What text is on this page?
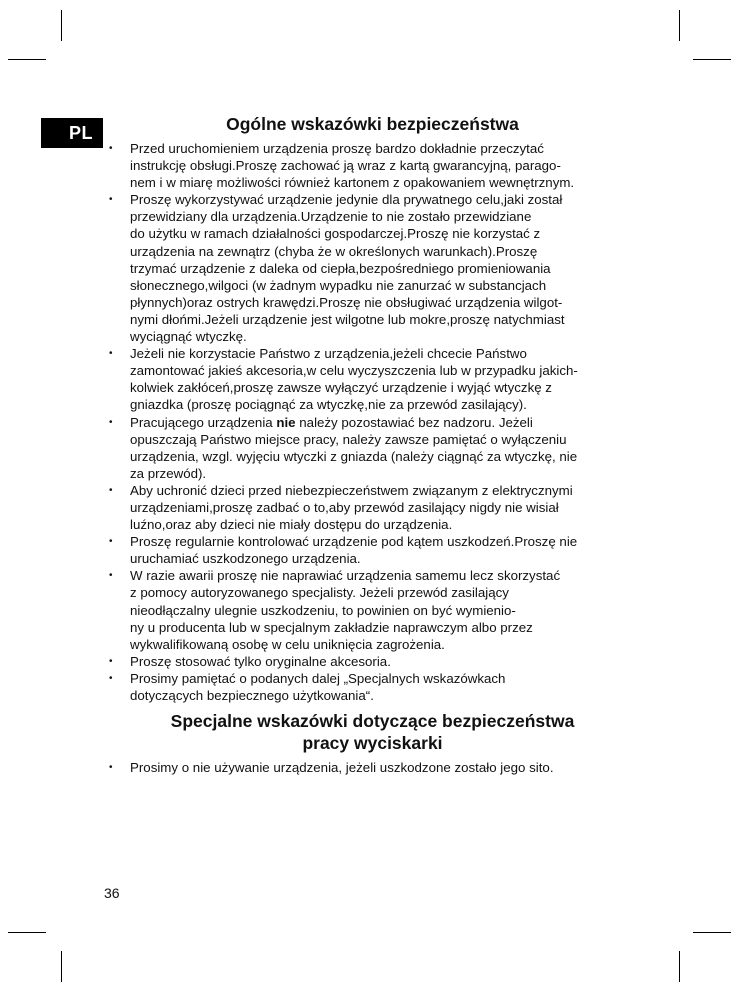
PL	Ogólne wskazówki bezpieczeństwa
• Przed uruchomieniem urządzenia proszę bardzo dokładnie przeczytać
instrukcję obsługi.Proszę zachować ją wraz z kartą gwarancyjną, parago-
nem i w miarę możliwości również kartonem z opakowaniem wewnętrznym.
• Proszę wykorzystywać urządzenie jedynie dla prywatnego celu,jaki został
przewidziany dla urządzenia.Urządzenie to nie zostało przewidziane
do użytku w ramach działalności gospodarczej.Proszę nie korzystać z
urządzenia na zewnątrz (chyba że w określonych warunkach).Proszę
trzymać urządzenie z daleka od ciepła,bezpośredniego promieniowania
słonecznego,wilgoci (w żadnym wypadku nie zanurzać w substancjach
płynnych)oraz ostrych krawędzi.Proszę nie obsługiwać urządzenia wilgot-
nymi dłońmi.Jeżeli urządzenie jest wilgotne lub mokre,proszę natychmiast
wyciągnąć wtyczkę.
• Jeżeli nie korzystacie Państwo z urządzenia,jeżeli chcecie Państwo
zamontować jakieś akcesoria,w celu wyczyszczenia lub w przypadku jakich-
kolwiek zakłóceń,proszę zawsze wyłączyć urządzenie i wyjąć wtyczkę z
gniazdka (proszę pociągnąć za wtyczkę,nie za przewód zasilający).
• Pracującego urządzenia nie należy pozostawiać bez nadzoru. Jeżeli
opuszczają Państwo miejsce pracy, należy zawsze pamiętać o wyłączeniu
urządzenia, wzgl. wyjęciu wtyczki z gniazda (należy ciągnąć za wtyczkę, nie
za przewód).
• Aby uchronić dzieci przed niebezpieczeństwem związanym z elektrycznymi
urządzeniami,proszę zadbać o to,aby przewód zasilający nigdy nie wisiał
luźno,oraz aby dzieci nie miały dostępu do urządzenia.
• Proszę regularnie kontrolować urządzenie pod kątem uszkodzeń.Proszę nie
uruchamiać uszkodzonego urządzenia.
• W razie awarii proszę nie naprawiać urządzenia samemu lecz skorzystać
z pomocy autoryzowanego specjalisty. Jeżeli przewód zasilający
nieodłączalny ulegnie uszkodzeniu, to powinien on być wymienio-
ny u producenta lub w specjalnym zakładzie naprawczym albo przez
wykwalifikowaną osobę w celu uniknięcia zagrożenia.
• Proszę stosować tylko oryginalne akcesoria.
• Prosimy pamiętać o podanych dalej „Specjalnych wskazówkach
dotyczących bezpiecznego użytkowania“.
Specjalne wskazówki dotyczące bezpieczeństwa
pracy wyciskarki
• Prosimy o nie używanie urządzenia, jeżeli uszkodzone zostało jego sito.
36
